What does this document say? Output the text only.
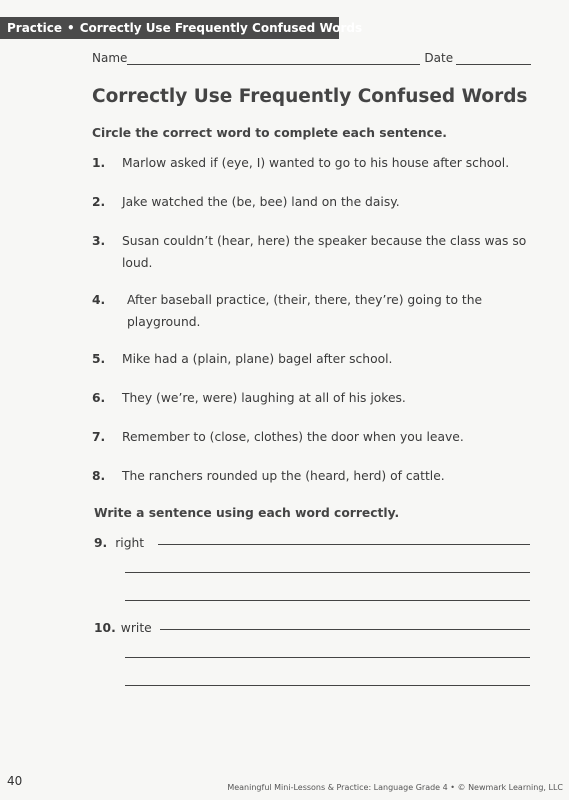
Practice • Correctly Use Frequently Confused Words
Name	Date
Correctly Use Frequently Confused Words
Circle the correct word to complete each sentence.
1.	Marlow asked if (eye, I) wanted to go to his house after school.
2.	Jake watched the (be, bee) land on the daisy.
3.	Susan couldn’t (hear, here) the speaker because the class was so loud.
4.	After baseball practice, (their, there, they’re) going to the playground.
5.	Mike had a (plain, plane) bagel after school.
6.	They (we’re, were) laughing at all of his jokes.
7.	Remember to (close, clothes) the door when you leave.
8.	The ranchers rounded up the (heard, herd) of cattle.
Write a sentence using each word correctly.
9. right
10. write
40	Meaningful Mini-Lessons & Practice: Language Grade 4 • © Newmark Learning, LLC
